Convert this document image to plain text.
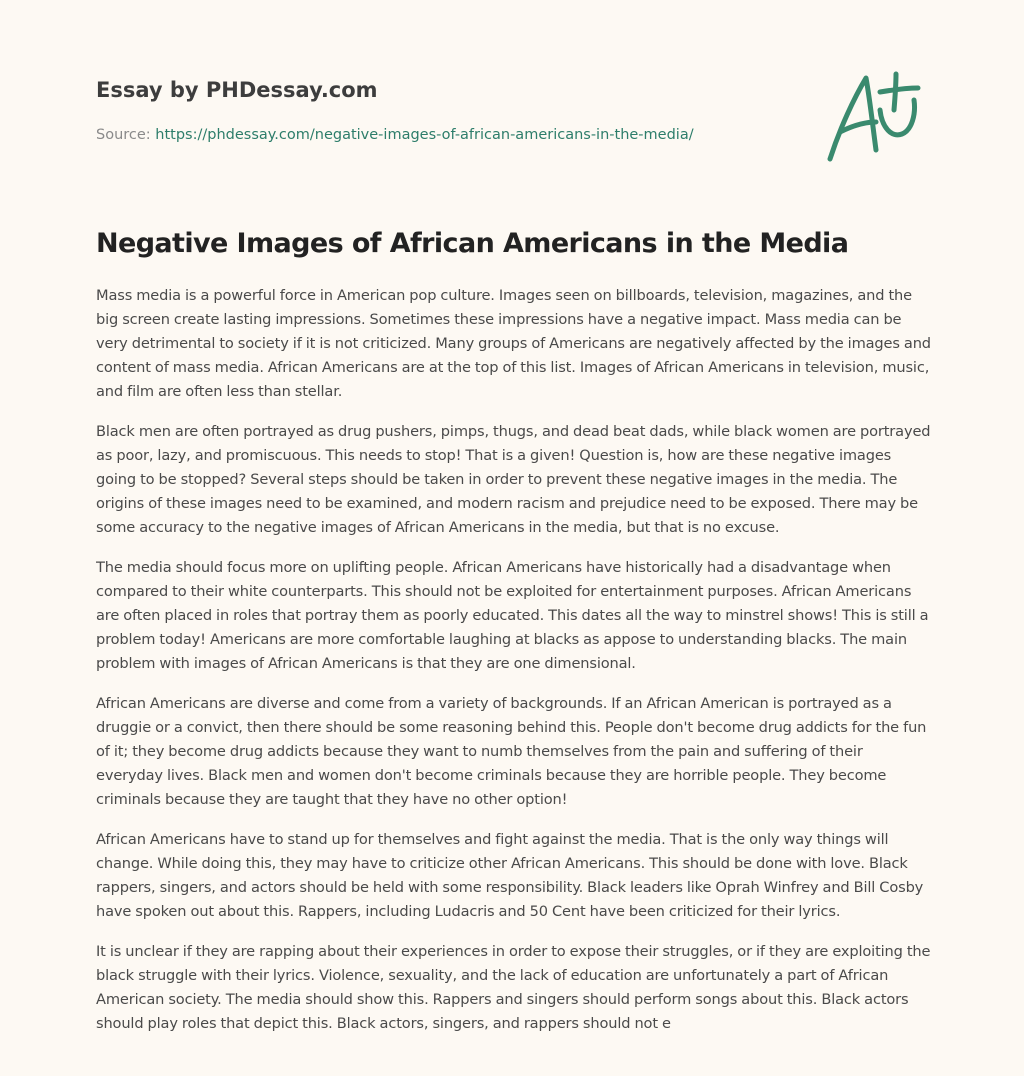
Essay by PHDessay.com
Source: https://phdessay.com/negative-images-of-african-americans-in-the-media/
Negative Images of African Americans in the Media

Mass media is a powerful force in American pop culture. Images seen on billboards, television, magazines, and the big screen create lasting impressions. Sometimes these impressions have a negative impact. Mass media can be very detrimental to society if it is not criticized. Many groups of Americans are negatively affected by the images and content of mass media. African Americans are at the top of this list. Images of African Americans in television, music, and film are often less than stellar.

Black men are often portrayed as drug pushers, pimps, thugs, and dead beat dads, while black women are portrayed as poor, lazy, and promiscuous. This needs to stop! That is a given! Question is, how are these negative images going to be stopped? Several steps should be taken in order to prevent these negative images in the media. The origins of these images need to be examined, and modern racism and prejudice need to be exposed. There may be some accuracy to the negative images of African Americans in the media, but that is no excuse.

The media should focus more on uplifting people. African Americans have historically had a disadvantage when compared to their white counterparts. This should not be exploited for entertainment purposes. African Americans are often placed in roles that portray them as poorly educated. This dates all the way to minstrel shows! This is still a problem today! Americans are more comfortable laughing at blacks as appose to understanding blacks. The main problem with images of African Americans is that they are one dimensional.

African Americans are diverse and come from a variety of backgrounds. If an African American is portrayed as a druggie or a convict, then there should be some reasoning behind this. People don't become drug addicts for the fun of it; they become drug addicts because they want to numb themselves from the pain and suffering of their everyday lives. Black men and women don't become criminals because they are horrible people. They become criminals because they are taught that they have no other option!

African Americans have to stand up for themselves and fight against the media. That is the only way things will change. While doing this, they may have to criticize other African Americans. This should be done with love. Black rappers, singers, and actors should be held with some responsibility. Black leaders like Oprah Winfrey and Bill Cosby have spoken out about this. Rappers, including Ludacris and 50 Cent have been criticized for their lyrics.

It is unclear if they are rapping about their experiences in order to expose their struggles, or if they are exploiting the black struggle with their lyrics. Violence, sexuality, and the lack of education are unfortunately a part of African American society. The media should show this. Rappers and singers should perform songs about this. Black actors should play roles that depict this. Black actors, singers, and rappers should not e
